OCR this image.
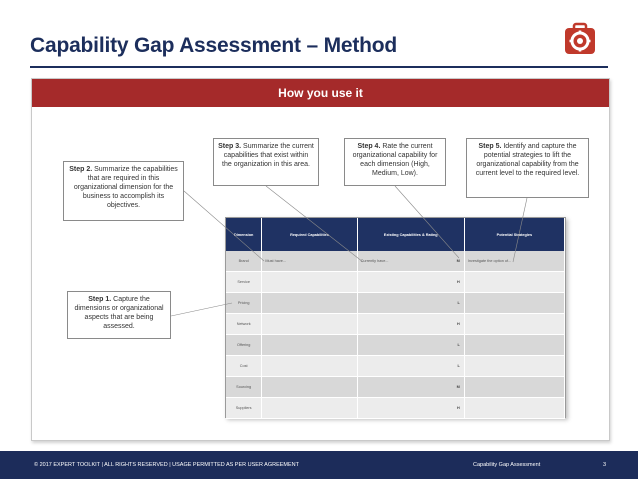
Capability Gap Assessment – Method
How you use it
Step 2. Summarize the capabilities that are required in this organizational dimension for the business to accomplish its objectives.
Step 3. Summarize the current capabilities that exist within the organization in this area.
Step 4. Rate the current organizational capability for each dimension (High, Medium, Low).
Step 5. Identify and capture the potential strategies to lift the organizational capability from the current level to the required level.
Step 1. Capture the dimensions or organizational aspects that are being assessed.
Dimension	Required Capabilities	Existing Capabilities & Rating	Potential Strategies
Brand	Must have...	Currently have... M	Investigate the option of...
Service		H	

Pricing		L	

Network		H	

Offering		L	

Cost		L	

Sourcing		M	

Suppliers		H	

© 2017 EXPERT TOOLKIT | ALL RIGHTS RESERVED | USAGE PERMITTED AS PER USER AGREEMENT	Capability Gap Assessment	3
